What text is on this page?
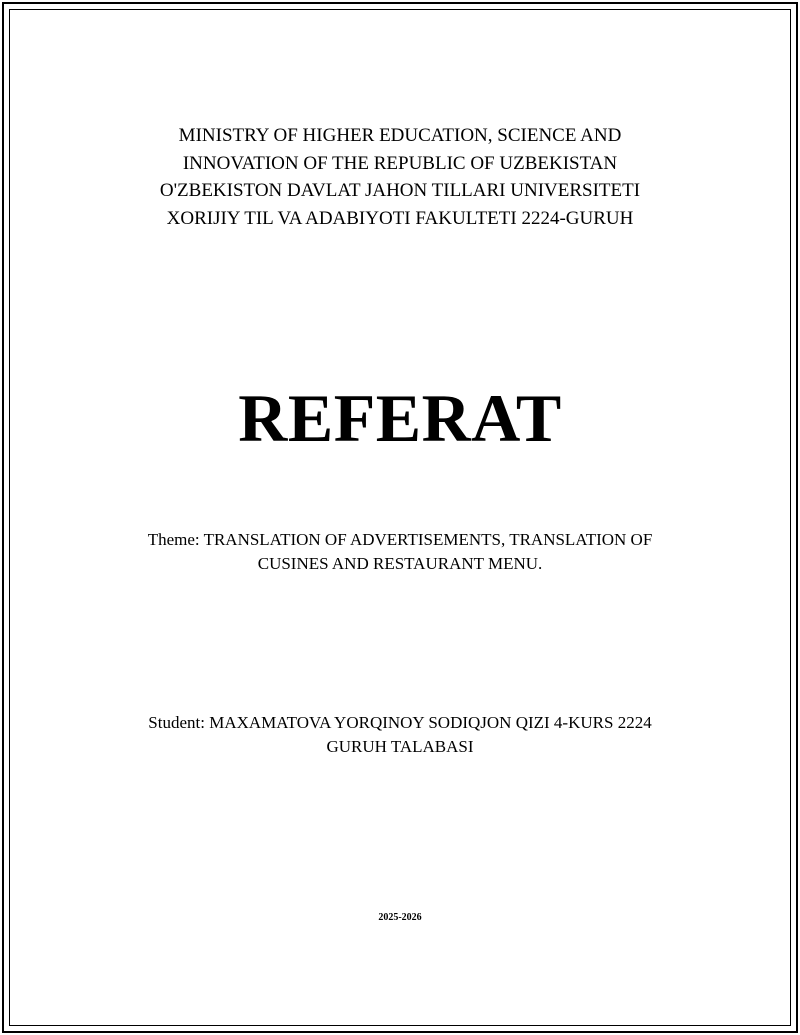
MINISTRY OF HIGHER EDUCATION, SCIENCE AND
INNOVATION OF THE REPUBLIC OF UZBEKISTAN
O'ZBEKISTON DAVLAT JAHON TILLARI UNIVERSITETI
XORIJIY TIL VA ADABIYOTI FAKULTETI 2224-GURUH
REFERAT
Theme: TRANSLATION OF ADVERTISEMENTS, TRANSLATION OF
CUSINES AND RESTAURANT MENU.
Student: MAXAMATOVA YORQINOY SODIQJON QIZI 4-KURS 2224
GURUH TALABASI
2025-2026
